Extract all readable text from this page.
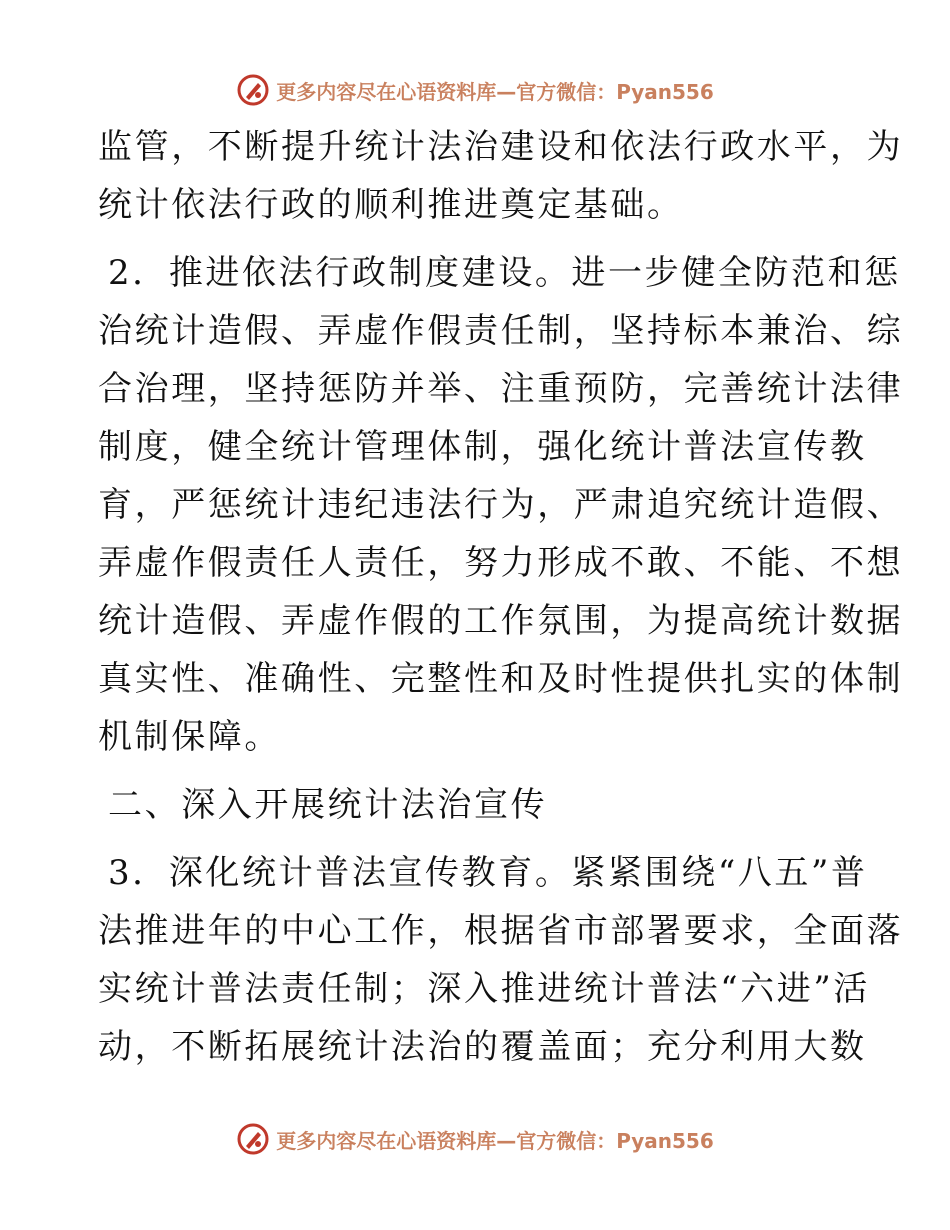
更多内容尽在心语资料库—官方微信：Pyan556
监管，不断提升统计法治建设和依法行政水平，为
统计依法行政的顺利推进奠定基础。
2．推进依法行政制度建设。进一步健全防范和惩
治统计造假、弄虚作假责任制，坚持标本兼治、综
合治理，坚持惩防并举、注重预防，完善统计法律
制度，健全统计管理体制，强化统计普法宣传教
育，严惩统计违纪违法行为，严肃追究统计造假、
弄虚作假责任人责任，努力形成不敢、不能、不想
统计造假、弄虚作假的工作氛围，为提高统计数据
真实性、准确性、完整性和及时性提供扎实的体制
机制保障。
二、深入开展统计法治宣传
3．深化统计普法宣传教育。紧紧围绕“八五”普
法推进年的中心工作，根据省市部署要求，全面落
实统计普法责任制；深入推进统计普法“六进”活
动，不断拓展统计法治的覆盖面；充分利用大数
更多内容尽在心语资料库—官方微信：Pyan556
